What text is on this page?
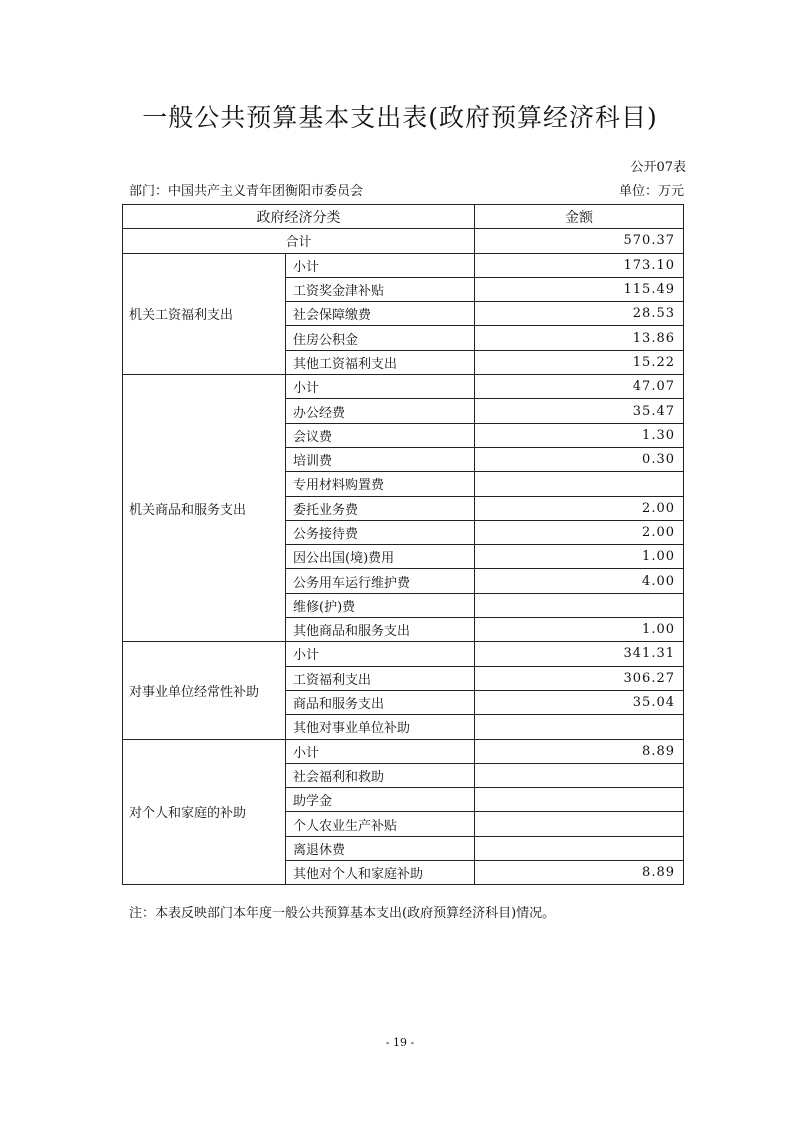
一般公共预算基本支出表(政府预算经济科目)
公开07表
部门：中国共产主义青年团衡阳市委员会	单位：万元
政府经济分类		金额
合计		570.37
机关工资福利支出	小计	173.10
	工资奖金津补贴	115.49
	社会保障缴费	28.53
	住房公积金	13.86
	其他工资福利支出	15.22
机关商品和服务支出	小计	47.07
	办公经费	35.47
	会议费	1.30
	培训费	0.30
	专用材料购置费	
	委托业务费	2.00
	公务接待费	2.00
	因公出国(境)费用	1.00
	公务用车运行维护费	4.00
	维修(护)费	
	其他商品和服务支出	1.00
对事业单位经常性补助	小计	341.31
	工资福利支出	306.27
	商品和服务支出	35.04
	其他对事业单位补助	
对个人和家庭的补助	小计	8.89
	社会福利和救助	
	助学金	
	个人农业生产补贴	
	离退休费	
	其他对个人和家庭补助	8.89
注：本表反映部门本年度一般公共预算基本支出(政府预算经济科目)情况。
- 19 -
